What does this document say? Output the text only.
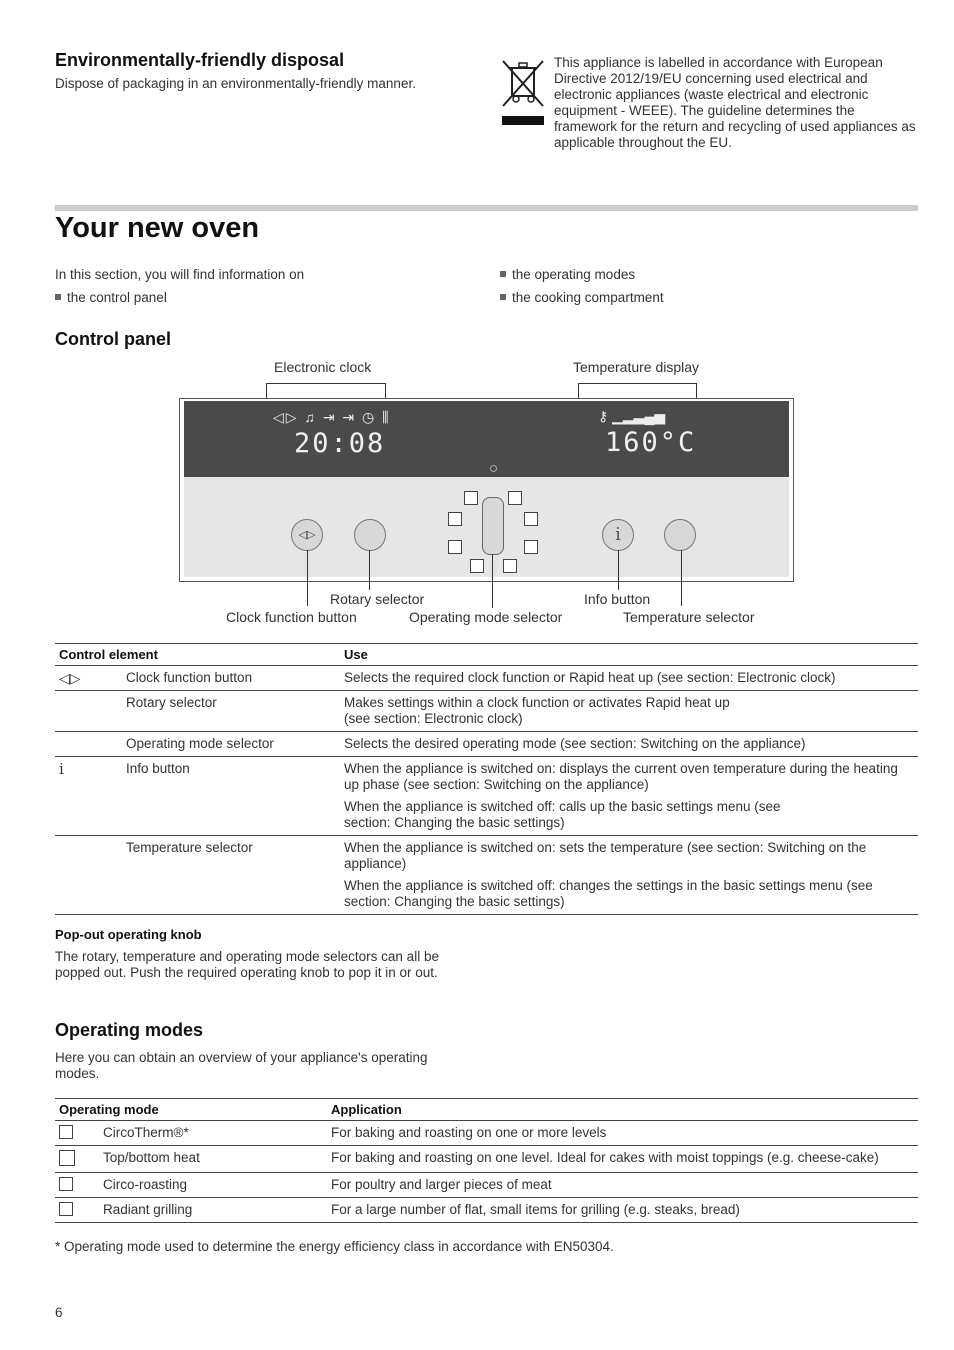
Environmentally-friendly disposal
Dispose of packaging in an environmentally-friendly manner.
This appliance is labelled in accordance with European Directive 2012/19/EU concerning used electrical and electronic appliances (waste electrical and electronic equipment - WEEE). The guideline determines the framework for the return and recycling of used appliances as applicable throughout the EU.
Your new oven
In this section, you will find information on
the control panel
the operating modes
the cooking compartment
Control panel
Electronic clock	Temperature display
◁▷ ♫ ⇥ ⇥ ◷ ⫼
20:08
⚷ ▁▂▃▄▅
160°C
◁▷	i
Rotary selector	Info button
Clock function button	Operating mode selector	Temperature selector
Control element		Use
◁▷	Clock function button	Selects the required clock function or Rapid heat up (see section: Electronic clock)
	Rotary selector	Makes settings within a clock function or activates Rapid heat up (see section: Electronic clock)
	Operating mode selector	Selects the desired operating mode (see section: Switching on the appliance)
i	Info button	When the appliance is switched on: displays the current oven temperature during the heating up phase (see section: Switching on the appliance)
When the appliance is switched off: calls up the basic settings menu (see section: Changing the basic settings)

	Temperature selector	When the appliance is switched on: sets the temperature (see section: Switching on the appliance)
When the appliance is switched off: changes the settings in the basic settings menu (see section: Changing the basic settings)
Pop-out operating knob
The rotary, temperature and operating mode selectors can all be popped out. Push the required operating knob to pop it in or out.
Operating modes
Here you can obtain an overview of your appliance's operating modes.
Operating mode		Application
	CircoTherm®*	For baking and roasting on one or more levels
	Top/bottom heat	For baking and roasting on one level. Ideal for cakes with moist toppings (e.g. cheese-cake)
	Circo-roasting	For poultry and larger pieces of meat
	Radiant grilling	For a large number of flat, small items for grilling (e.g. steaks, bread)
* Operating mode used to determine the energy efficiency class in accordance with EN50304.
6
